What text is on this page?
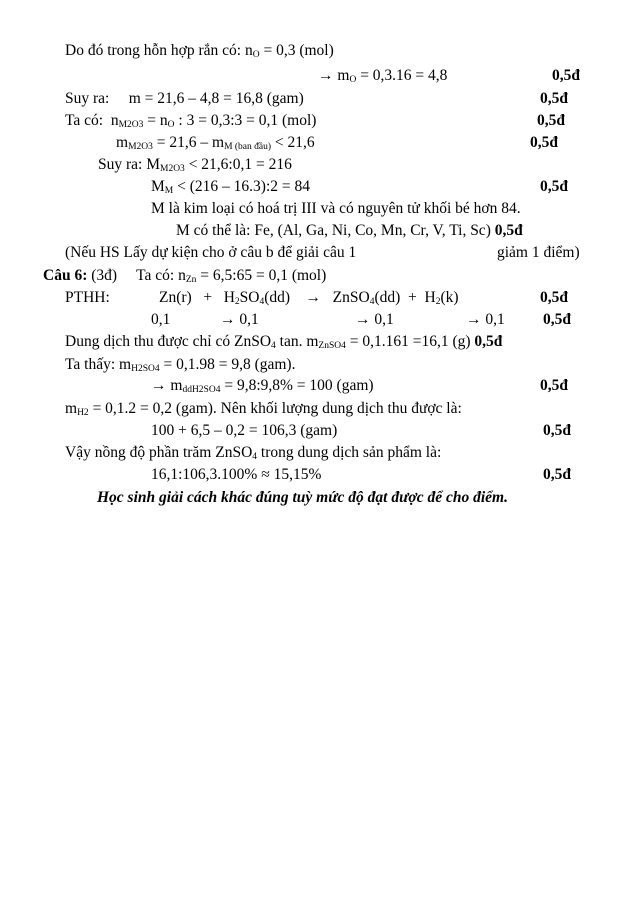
Do đó trong hỗn hợp rắn có: $n_O = 0,3$ (mol)
→ $m_O = 0,3.16 = 4,8$	0,5đ
Suy ra:     m = 21,6 – 4,8 = 16,8 (gam)	0,5đ
Ta có:  $n_{M2O3} = n_O$ : 3 = 0,3:3 = 0,1 (mol)	0,5đ
$m_{M2O3} = 21,6 - m_{M (ban đầu)} < 21,6$	0,5đ
Suy ra: $M_{M2O3}$ < 21,6:0,1 = 216
$M_M < (216$ – 16.3):2 = 84	0,5đ
M là kim loại có hoá trị III và có nguyên tử khối bé hơn 84.
M có thể là: Fe, (Al, Ga, Ni, Co, Mn, Cr, V, Ti, Sc) 0,5đ
(Nếu HS Lấy dự kiện cho ở câu b để giải câu 1	giảm 1 điểm)
Câu 6: (3đ)     Ta có: $n_{Zn}$ = 6,5:65 = 0,1 (mol)
PTHH:	$Zn(r) + H_2SO_4(dd)$    →   ZnSO$_4$(dd)  +  $H_2(k)$	0,5đ
0,1	→ 0,1	→ 0,1	→ 0,1 0,5đ
Dung dịch thu được chỉ có ZnSO$_4$ tan. $m_{ZnSO4} = 0,1.161 =16,1$ (g) 0,5đ
Ta thấy: $m_{H2SO4} = 0,1.98 = 9,8$ (gam).
→ $m_{ddH2SO4}$ = 9,8:9,8% = 100 (gam)	0,5đ
$m_{H2} = 0,1.2 = 0,2$ (gam). Nên khối lượng dung dịch thu được là:
100 + 6,5 – 0,2 = 106,3 (gam)	0,5đ
Vậy nồng độ phần trăm ZnSO$_4$ trong dung dịch sản phẩm là:
16,1:106,3.100% ≈ 15,15%	0,5đ
Học sinh giải cách khác đúng tuỳ mức độ đạt được để cho điểm.
